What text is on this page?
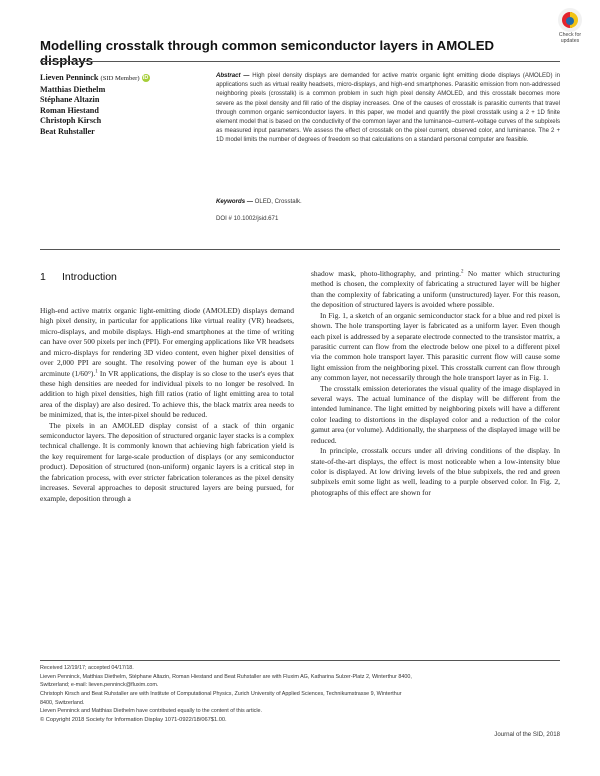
Modelling crosstalk through common semiconductor layers in AMOLED displays
Check for
updates
Lieven Penninck (SID Member) iD
Matthias Diethelm
Stéphane Altazin
Roman Hiestand
Christoph Kirsch
Beat Ruhstaller
Abstract — High pixel density displays are demanded for active matrix organic light emitting diode displays (AMOLED) in applications such as virtual reality headsets, micro-displays, and high-end smartphones. Parasitic emission from non-addressed neighboring pixels (crosstalk) is a common problem in such high pixel density AMOLED, and this crosstalk becomes more severe as the pixel density and fill ratio of the display increases. One of the causes of crosstalk is parasitic currents that travel through common organic semiconductor layers. In this paper, we model and quantify the pixel crosstalk using a 2 + 1D finite element model that is based on the conductivity of the common layer and the luminance–current–voltage curves of the subpixels as measured input parameters. We assess the effect of crosstalk on the pixel current, observed color, and luminance. The 2 + 1D model limits the number of degrees of freedom so that calculations on a standard personal computer are feasible.
Keywords — OLED, Crosstalk.
DOI # 10.1002/jsid.671
1 Introduction

High-end active matrix organic light-emitting diode (AMOLED) displays demand high pixel density, in particular for applications like virtual reality (VR) headsets, micro-displays, and mobile displays. High-end smartphones at the time of writing can have over 500 pixels per inch (PPI). For emerging applications like VR headsets and micro-displays for rendering 3D video content, even higher pixel densities of over 2,000 PPI are sought. The resolving power of the human eye is about 1 arcminute (1/60°).$^1$ In VR applications, the display is so close to the user's eyes that these high densities are needed for individual pixels to no longer be resolved. In addition to high pixel densities, high fill ratios (ratio of light emitting area to total area of the display) are also desired. To achieve this, the black matrix area needs to be minimized, that is, the inter-pixel should be reduced.

The pixels in an AMOLED display consist of a stack of thin organic semiconductor layers. The deposition of structured organic layer stacks is a complex technical challenge. It is commonly known that achieving high fabrication yield is the key requirement for large-scale production of displays (or any semiconductor product). Deposition of structured (non-uniform) organic layers is a critical step in the fabrication process, with ever stricter fabrication tolerances as the pixel density increases. Several approaches to deposit structured layers are being pursued, for example, deposition through a

shadow mask, photo-lithography, and printing.$^2$ No matter which structuring method is chosen, the complexity of fabricating a structured layer will be higher than the complexity of fabricating a uniform (unstructured) layer. For this reason, the deposition of structured layers is avoided where possible.

In Fig. 1, a sketch of an organic semiconductor stack for a blue and red pixel is shown. The hole transporting layer is fabricated as a uniform layer. Even though each pixel is addressed by a separate electrode connected to the transistor matrix, a parasitic current can flow from the electrode below one pixel to a different pixel via the common hole transport layer. This parasitic current flow will cause some light emission from the neighboring pixel. This crosstalk current can flow through any common layer, not necessarily through the hole transport layer as in Fig. 1.

The crosstalk emission deteriorates the visual quality of the image displayed in several ways. The actual luminance of the display will be different from the intended luminance. The light emitted by neighboring pixels will have a different color leading to distortions in the displayed color and a reduction of the color gamut area (or volume). Additionally, the sharpness of the displayed image will be reduced.

In principle, crosstalk occurs under all driving conditions of the display. In state-of-the-art displays, the effect is most noticeable when a low-intensity blue color is displayed. At low driving levels of the blue subpixels, the red and green subpixels emit some light as well, leading to a purple observed color. In Fig. 2, photographs of this effect are shown for

Received 12/19/17; accepted 04/17/18.
Lieven Penninck, Matthias Diethelm, Stéphane Altazin, Roman Hiestand and Beat Ruhstaller are with Fluxim AG, Katharina Sulzer-Platz 2, Winterthur 8400,
Switzerland; e-mail: lieven.penninck@fluxim.com.
Christoph Kirsch and Beat Ruhstaller are with Institute of Computational Physics, Zurich University of Applied Sciences, Technikumstrasse 9, Winterthur
8400, Switzerland.
Lieven Penninck and Matthias Diethelm have contributed equally to the content of this article.
© Copyright 2018 Society for Information Display 1071-0922/18/067$1.00.
Journal of the SID, 2018
